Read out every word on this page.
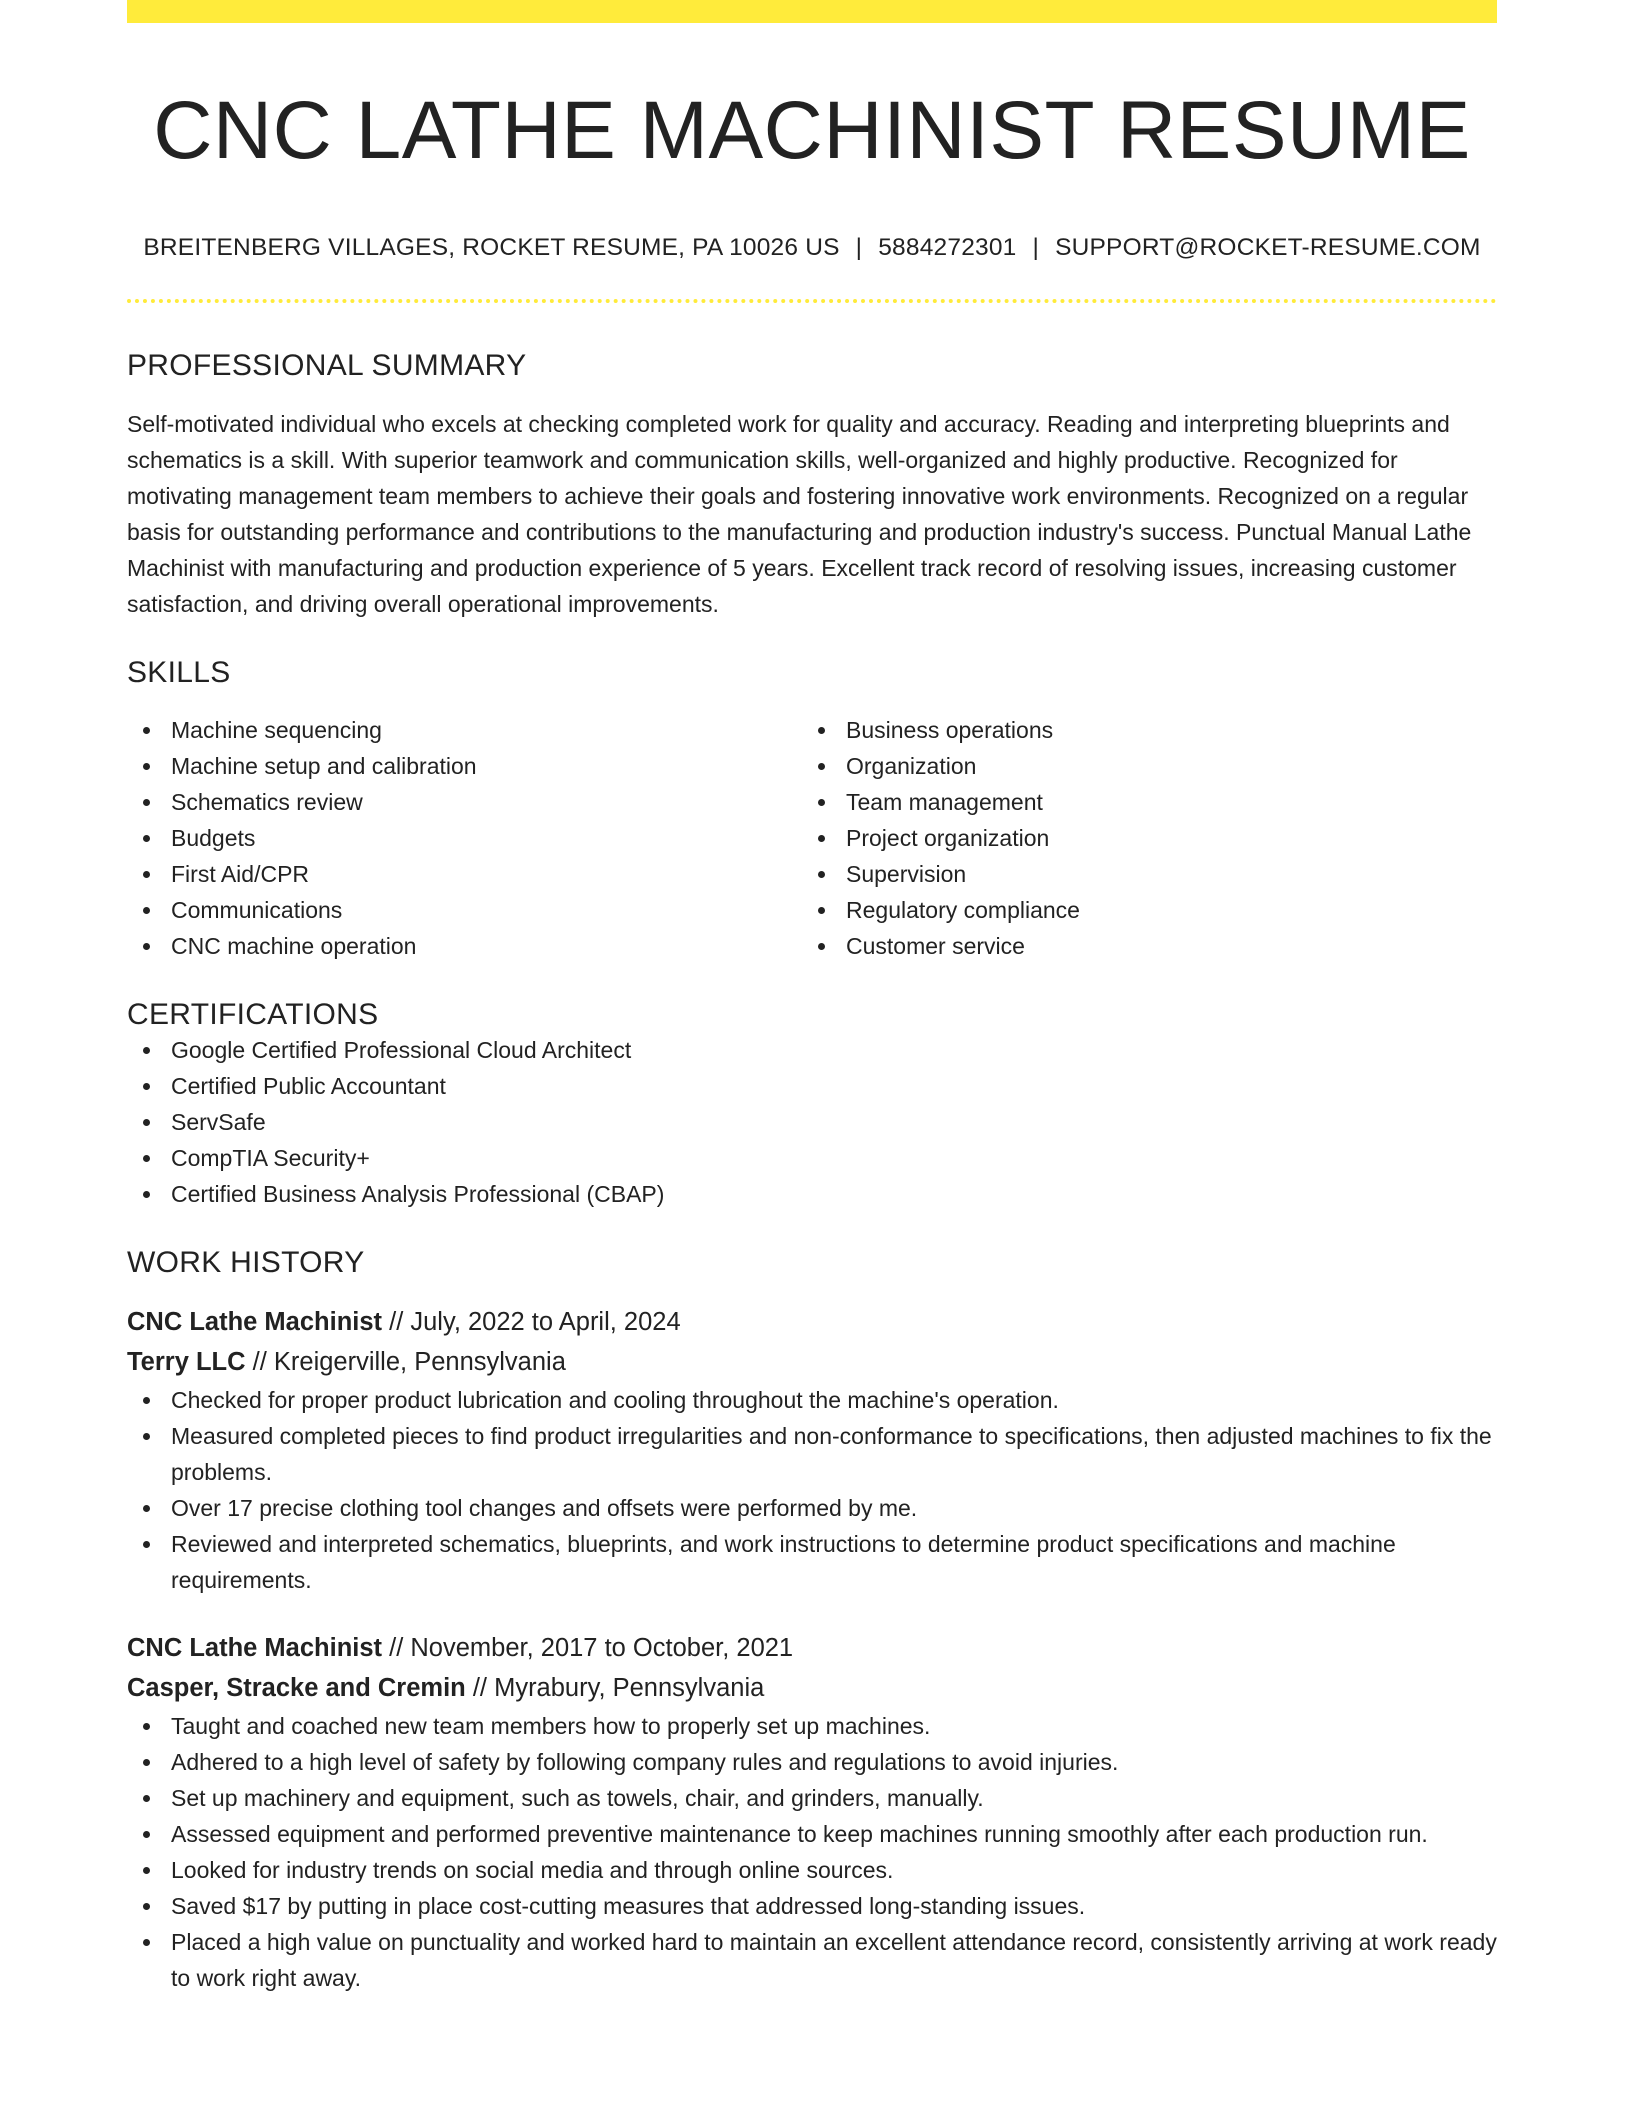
CNC LATHE MACHINIST RESUME
BREITENBERG VILLAGES, ROCKET RESUME, PA 10026 US | 5884272301 | SUPPORT@ROCKET-RESUME.COM
PROFESSIONAL SUMMARY
Self-motivated individual who excels at checking completed work for quality and accuracy. Reading and interpreting blueprints and schematics is a skill. With superior teamwork and communication skills, well-organized and highly productive. Recognized for motivating management team members to achieve their goals and fostering innovative work environments. Recognized on a regular basis for outstanding performance and contributions to the manufacturing and production industry's success. Punctual Manual Lathe Machinist with manufacturing and production experience of 5 years. Excellent track record of resolving issues, increasing customer satisfaction, and driving overall operational improvements.
SKILLS
Machine sequencing
Machine setup and calibration
Schematics review
Budgets
First Aid/CPR
Communications
CNC machine operation
Business operations
Organization
Team management
Project organization
Supervision
Regulatory compliance
Customer service
CERTIFICATIONS
Google Certified Professional Cloud Architect
Certified Public Accountant
ServSafe
CompTIA Security+
Certified Business Analysis Professional (CBAP)
WORK HISTORY
CNC Lathe Machinist // July, 2022 to April, 2024
Terry LLC // Kreigerville, Pennsylvania
Checked for proper product lubrication and cooling throughout the machine's operation.
Measured completed pieces to find product irregularities and non-conformance to specifications, then adjusted machines to fix the problems.
Over 17 precise clothing tool changes and offsets were performed by me.
Reviewed and interpreted schematics, blueprints, and work instructions to determine product specifications and machine requirements.
CNC Lathe Machinist // November, 2017 to October, 2021
Casper, Stracke and Cremin // Myrabury, Pennsylvania
Taught and coached new team members how to properly set up machines.
Adhered to a high level of safety by following company rules and regulations to avoid injuries.
Set up machinery and equipment, such as towels, chair, and grinders, manually.
Assessed equipment and performed preventive maintenance to keep machines running smoothly after each production run.
Looked for industry trends on social media and through online sources.
Saved $17 by putting in place cost-cutting measures that addressed long-standing issues.
Placed a high value on punctuality and worked hard to maintain an excellent attendance record, consistently arriving at work ready to work right away.
